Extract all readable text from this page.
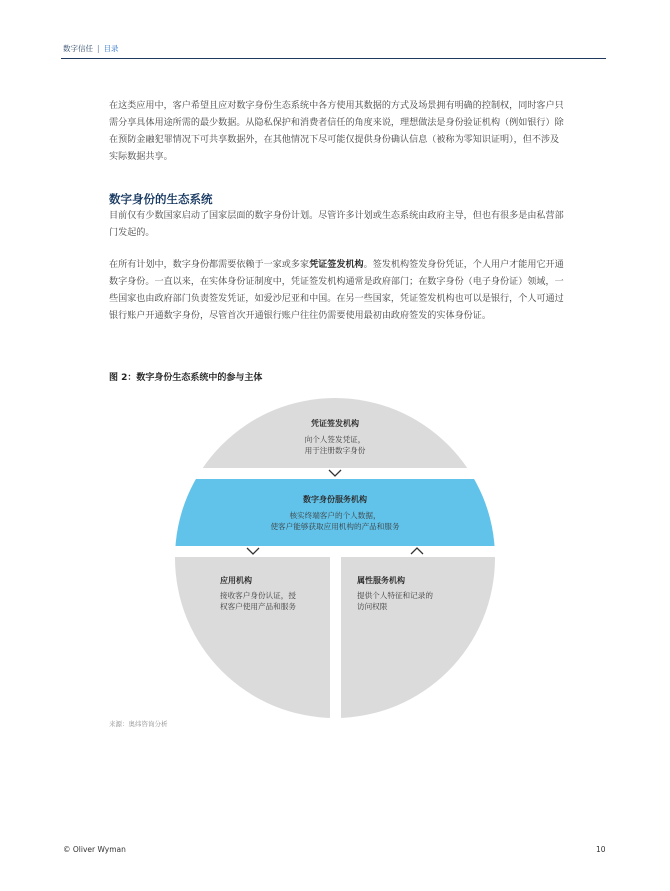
数字信任 | 目录

在这类应用中，客户希望且应对数字身份生态系统中各方使用其数据的方式及场景拥有明确的控制权，同时客户只需分享具体用途所需的最少数据。从隐私保护和消费者信任的角度来说，理想做法是身份验证机构（例如银行）除在预防金融犯罪情况下可共享数据外，在其他情况下尽可能仅提供身份确认信息（被称为零知识证明），但不涉及实际数据共享。

数字身份的生态系统

目前仅有少数国家启动了国家层面的数字身份计划。尽管许多计划或生态系统由政府主导，但也有很多是由私营部门发起的。

在所有计划中，数字身份都需要依赖于一家或多家凭证签发机构。签发机构签发身份凭证，个人用户才能用它开通数字身份。一直以来，在实体身份证制度中，凭证签发机构通常是政府部门；在数字身份（电子身份证）领域，一些国家也由政府部门负责签发凭证，如爱沙尼亚和中国。在另一些国家，凭证签发机构也可以是银行，个人可通过银行账户开通数字身份，尽管首次开通银行账户往往仍需要使用最初由政府签发的实体身份证。

图 2：数字身份生态系统中的参与主体

凭证签发机构
向个人签发凭证，
用于注册数字身份
数字身份服务机构
核实终端客户的个人数据，
使客户能够获取应用机构的产品和服务
应用机构
接收客户身份认证，授
权客户使用产品和服务
属性服务机构
提供个人特征和记录的
访问权限
来源：奥纬咨询分析
© Oliver Wyman	10
